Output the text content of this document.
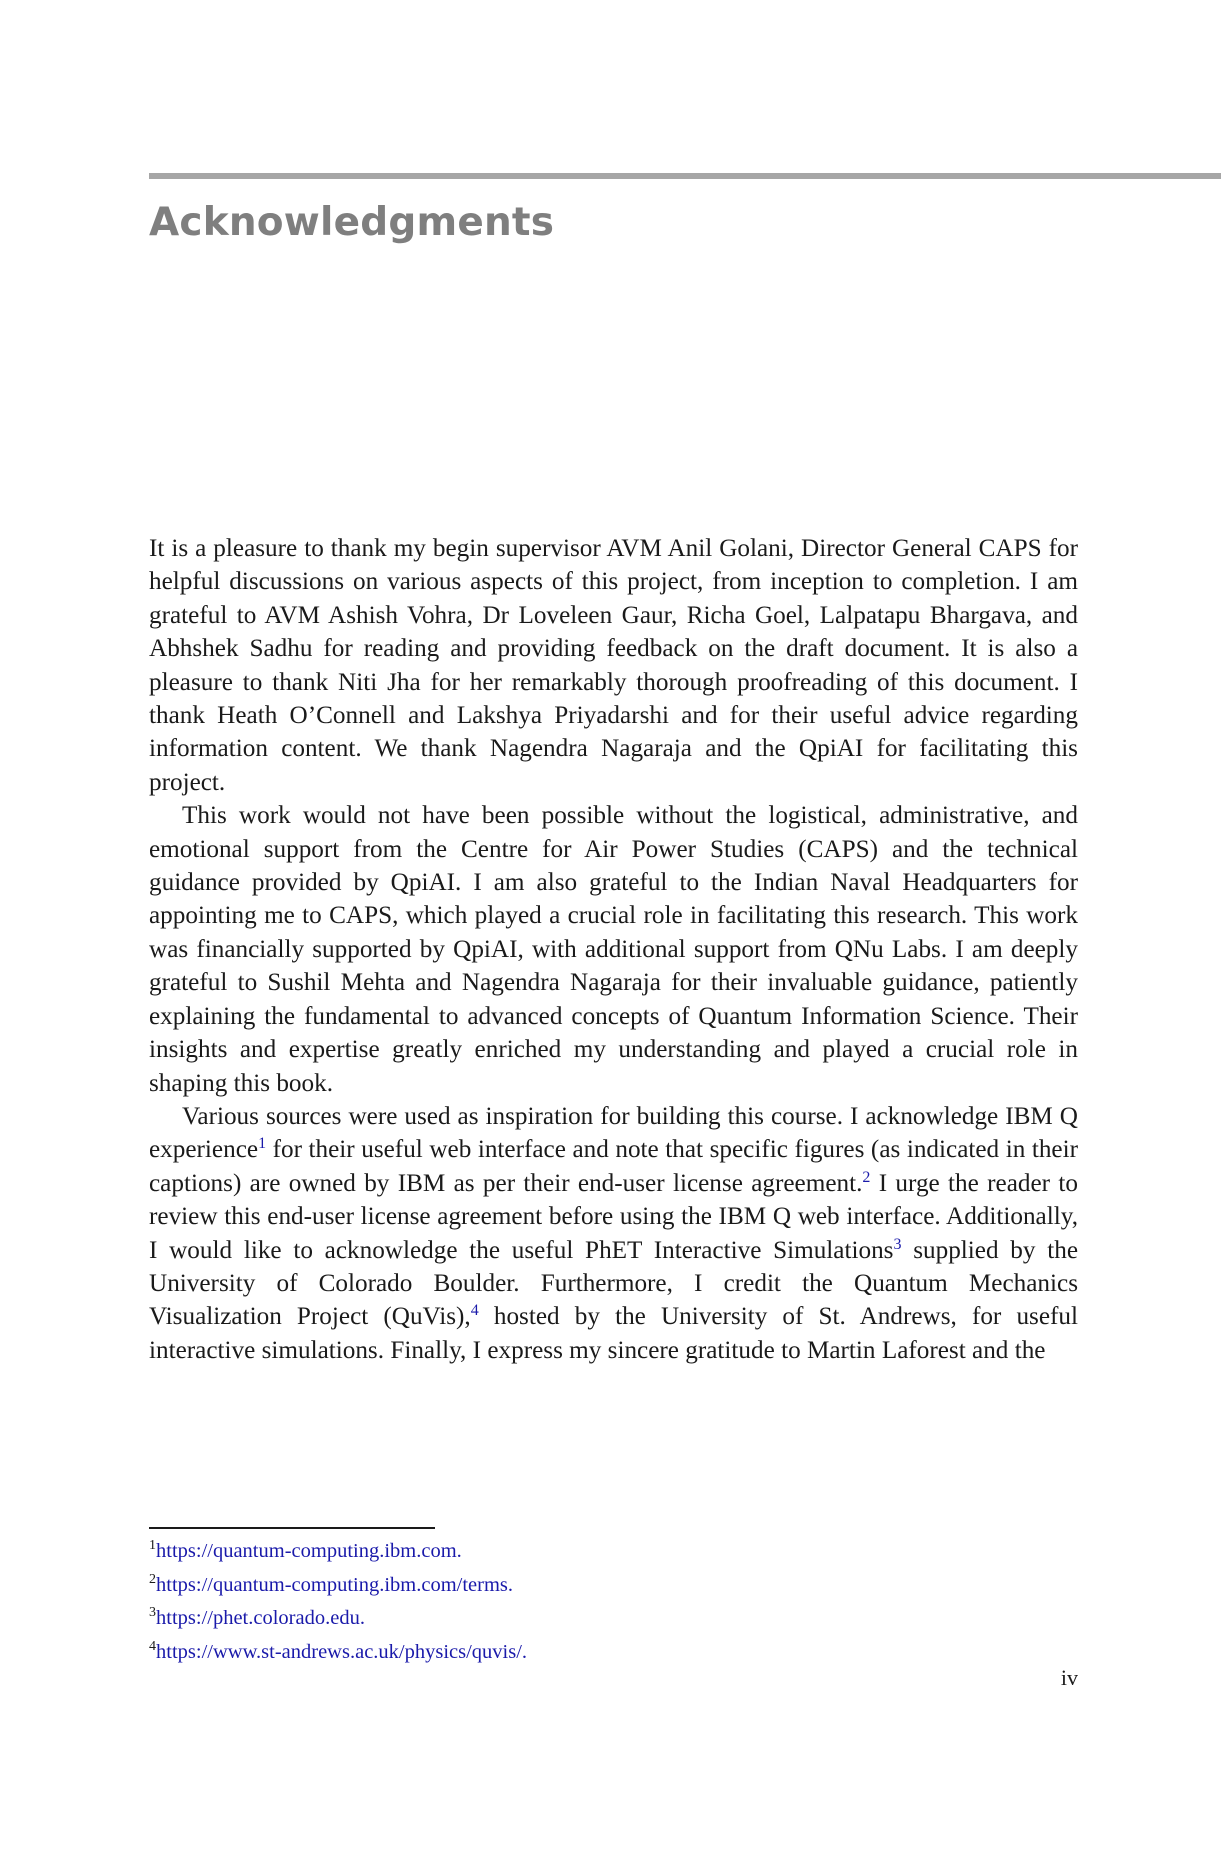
Acknowledgments

It is a pleasure to thank my begin supervisor AVM Anil Golani, Director General CAPS for helpful discussions on various aspects of this project, from inception to completion. I am grateful to AVM Ashish Vohra, Dr Loveleen Gaur, Richa Goel, Lalpatapu Bhargava, and Abhshek Sadhu for reading and providing feedback on the draft document. It is also a pleasure to thank Niti Jha for her remarkably thorough proofreading of this document. I thank Heath O’Connell and Lakshya Priyadarshi and for their useful advice regarding information content. We thank Nagendra Nagaraja and the QpiAI for facilitating this project.

This work would not have been possible without the logistical, administrative, and emotional support from the Centre for Air Power Studies (CAPS) and the technical guidance provided by QpiAI. I am also grateful to the Indian Naval Headquarters for appointing me to CAPS, which played a crucial role in facilitating this research. This work was financially supported by QpiAI, with additional support from QNu Labs. I am deeply grateful to Sushil Mehta and Nagendra Nagaraja for their invaluable guidance, patiently explaining the fundamental to advanced concepts of Quantum Information Science. Their insights and expertise greatly enriched my understanding and played a crucial role in shaping this book.

Various sources were used as inspiration for building this course. I acknowledge IBM Q experience$^1$ for their useful web interface and note that specific figures (as indicated in their captions) are owned by IBM as per their end-user license agreement.$^2$ I urge the reader to review this end-user license agreement before using the IBM Q web interface. Additionally, I would like to acknowledge the useful PhET Interactive Simulations$^3$ supplied by the University of Colorado Boulder. Furthermore, I credit the Quantum Mechanics Visualization Project (QuVis),$^4$ hosted by the University of St. Andrews, for useful interactive simulations. Finally, I express my sincere gratitude to Martin Laforest and the

$^1$https://quantum-computing.ibm.com.
$^2$https://quantum-computing.ibm.com/terms.
$^3$https://phet.colorado.edu.
$^4$https://www.st-andrews.ac.uk/physics/quvis/.
iv
